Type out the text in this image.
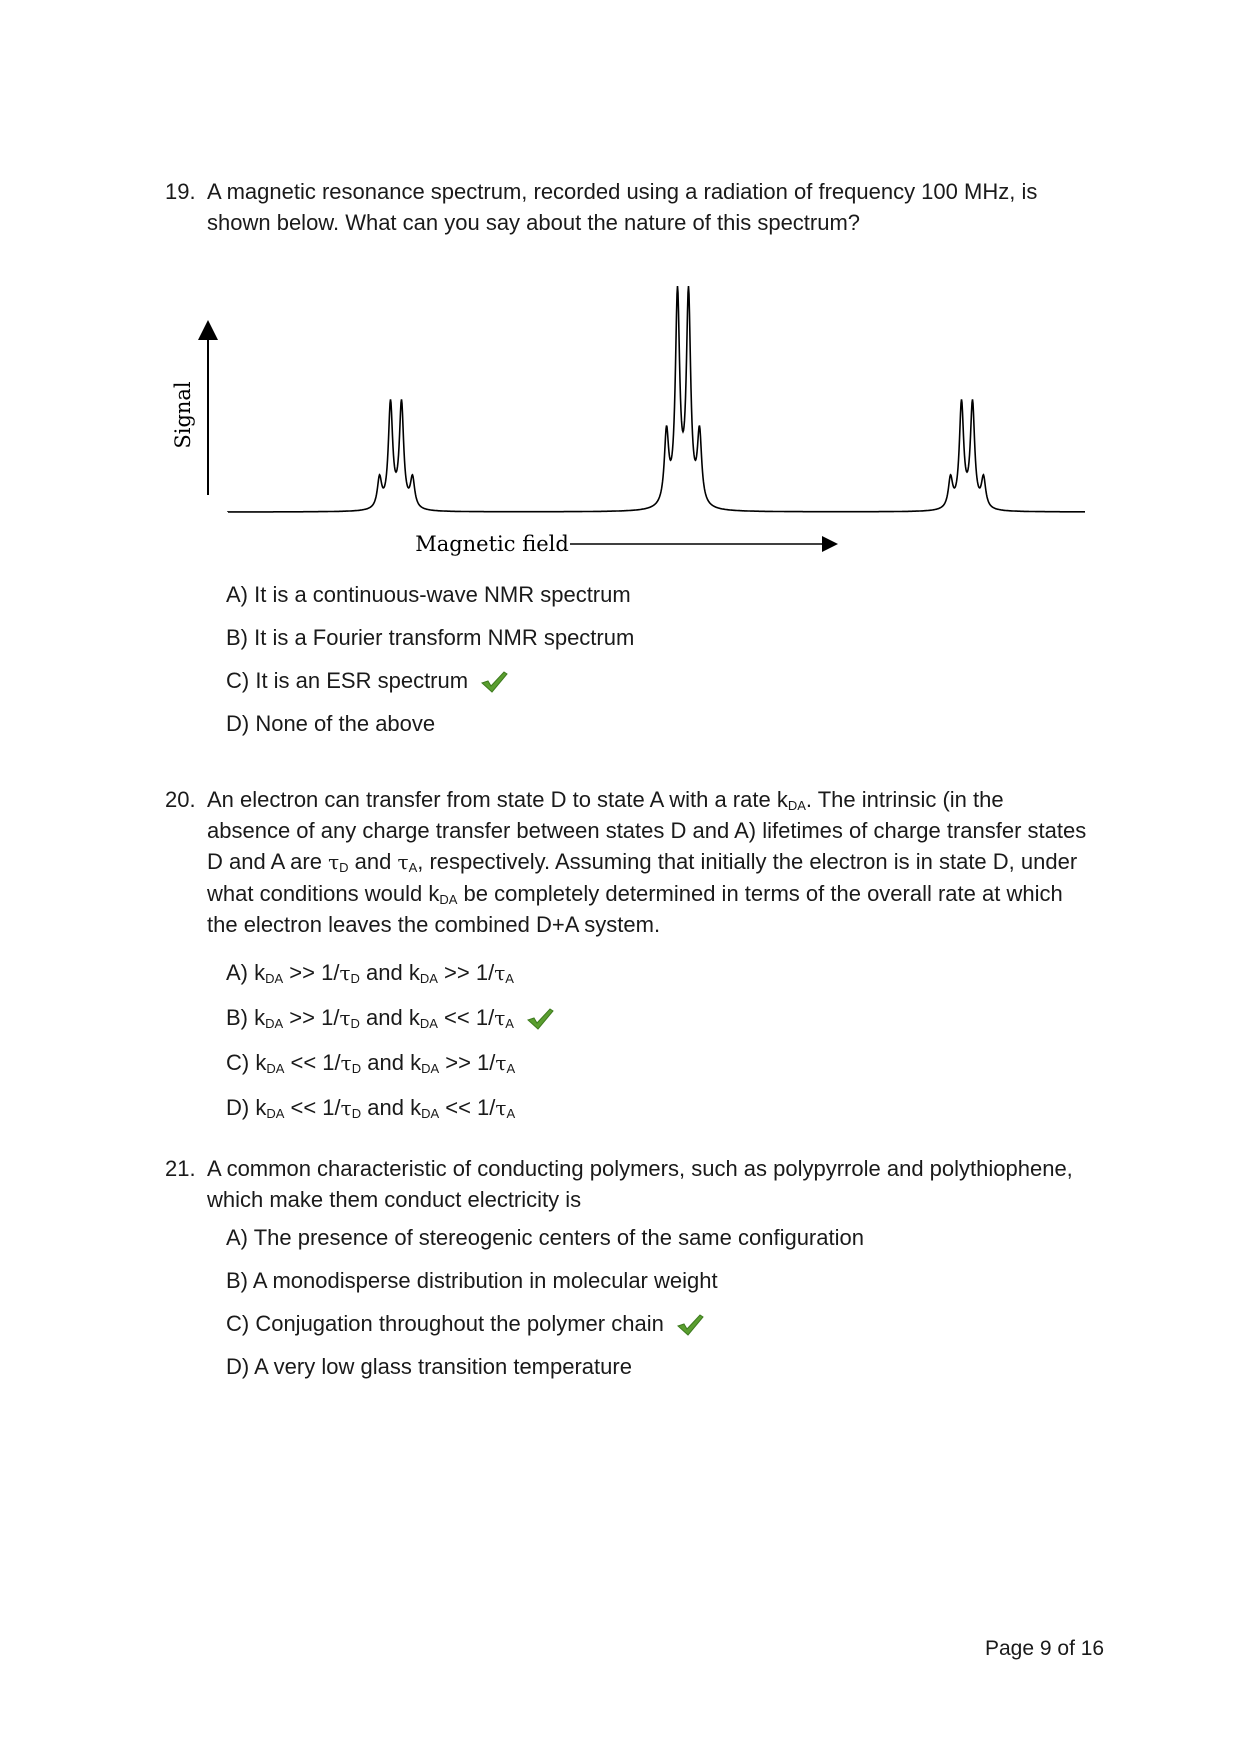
19. A magnetic resonance spectrum, recorded using a radiation of frequency 100 MHz, is shown below. What can you say about the nature of this spectrum?
Signal
Magnetic field
A) It is a continuous-wave NMR spectrum
B) It is a Fourier transform NMR spectrum
C) It is an ESR spectrum
D) None of the above
20. An electron can transfer from state D to state A with a rate $k_{DA}$. The intrinsic (in the absence of any charge transfer between states D and A) lifetimes of charge transfer states D and A are $\tau_D$ and $\tau_A$, respectively. Assuming that initially the electron is in state D, under what conditions would $k_{DA}$ be completely determined in terms of the overall rate at which the electron leaves the combined D+A system.
A) $k_{DA} >> 1/\tau_D$ and $k_{DA} >> 1/\tau_A$
B) $k_{DA} >> 1/\tau_D$ and $k_{DA} << 1/\tau_A$
C) $k_{DA} << 1/\tau_D$ and $k_{DA} >> 1/\tau_A$
D) $k_{DA} << 1/\tau_D$ and $k_{DA} << 1/\tau_A$
21. A common characteristic of conducting polymers, such as polypyrrole and polythiophene, which make them conduct electricity is
A) The presence of stereogenic centers of the same configuration
B) A monodisperse distribution in molecular weight
C) Conjugation throughout the polymer chain
D) A very low glass transition temperature
Page 9 of 16
